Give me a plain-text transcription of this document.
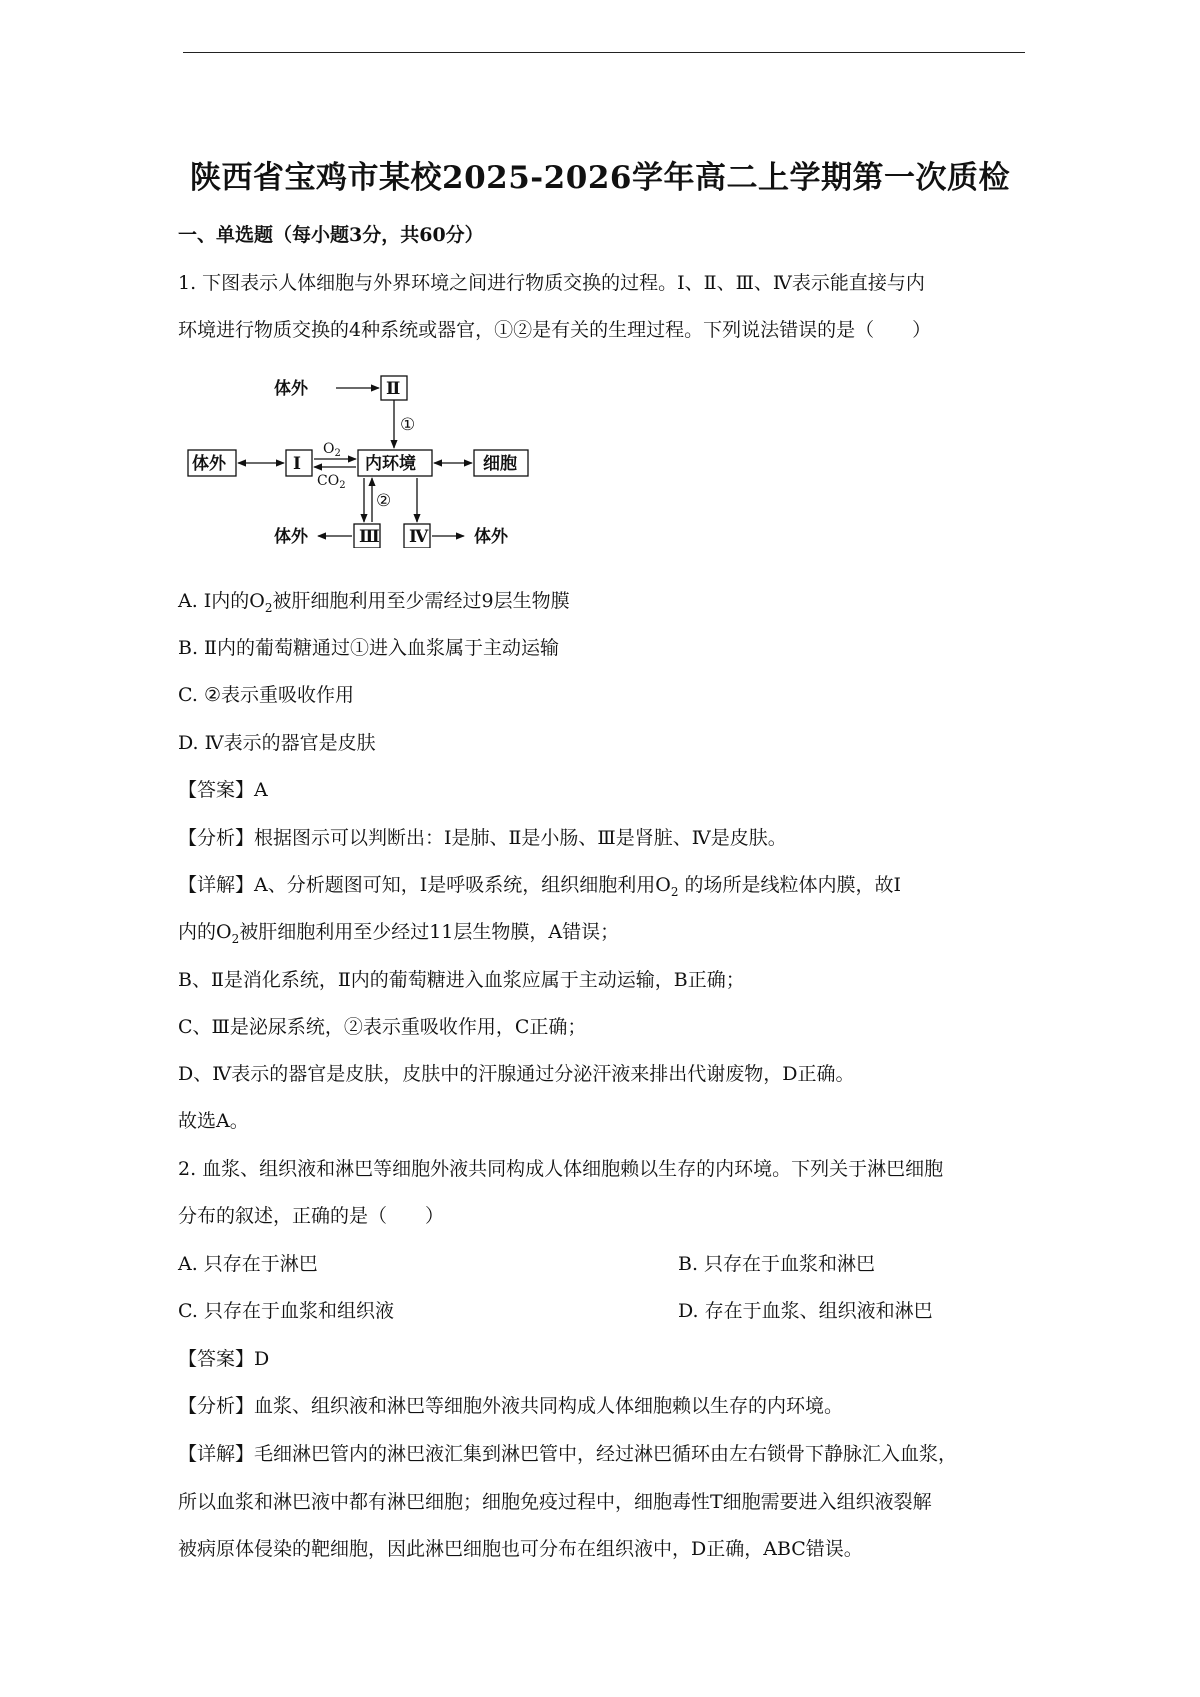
陕西省宝鸡市某校2025-2026学年高二上学期第一次质检
一、单选题（每小题3分，共60分）
1. 下图表示人体细胞与外界环境之间进行物质交换的过程。Ⅰ、Ⅱ、Ⅲ、Ⅳ表示能直接与内
环境进行物质交换的4种系统或器官，①②是有关的生理过程。下列说法错误的是（　　）
体外	Ⅱ
体外	Ⅰ	内环境	细胞
Ⅲ Ⅳ
体外	体外
$O_2$
$CO_2$
①
②
A. Ⅰ内的$O_2$被肝细胞利用至少需经过9层生物膜
B. Ⅱ内的葡萄糖通过①进入血浆属于主动运输
C. ②表示重吸收作用
D. Ⅳ表示的器官是皮肤
【答案】A
【分析】根据图示可以判断出：Ⅰ是肺、Ⅱ是小肠、Ⅲ是肾脏、Ⅳ是皮肤。
【详解】A、分析题图可知，Ⅰ是呼吸系统，组织细胞利用$O_2$ 的场所是线粒体内膜，故Ⅰ
内的$O_2$被肝细胞利用至少经过11层生物膜，A错误；
B、Ⅱ是消化系统，Ⅱ内的葡萄糖进入血浆应属于主动运输，B正确；
C、Ⅲ是泌尿系统，②表示重吸收作用，C正确；
D、Ⅳ表示的器官是皮肤，皮肤中的汗腺通过分泌汗液来排出代谢废物，D正确。
故选A。
2. 血浆、组织液和淋巴等细胞外液共同构成人体细胞赖以生存的内环境。下列关于淋巴细胞
分布的叙述，正确的是（　　）
A. 只存在于淋巴	B. 只存在于血浆和淋巴
C. 只存在于血浆和组织液	D. 存在于血浆、组织液和淋巴
【答案】D
【分析】血浆、组织液和淋巴等细胞外液共同构成人体细胞赖以生存的内环境。
【详解】毛细淋巴管内的淋巴液汇集到淋巴管中，经过淋巴循环由左右锁骨下静脉汇入血浆，
所以血浆和淋巴液中都有淋巴细胞；细胞免疫过程中，细胞毒性T细胞需要进入组织液裂解
被病原体侵染的靶细胞，因此淋巴细胞也可分布在组织液中，D正确，ABC错误。
